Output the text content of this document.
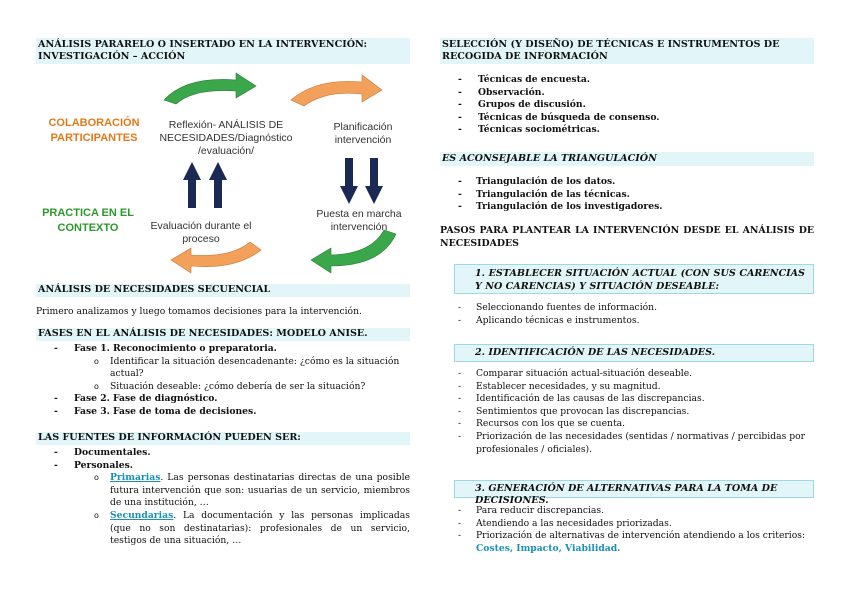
ANÁLISIS PARARELO O INSERTADO EN LA INTERVENCIÓN: INVESTIGACIÓN – ACCIÓN
ANÁLISIS DE NECESIDADES SECUENCIAL
Primero analizamos y luego tomamos decisiones para la intervención.
FASES EN EL ANÁLISIS DE NECESIDADES: MODELO ANISE.
- Fase 1. Reconocimiento o preparatoria.
o Identificar la situación desencadenante: ¿cómo es la situación actual?
o Situación deseable: ¿cómo debería de ser la situación?
- Fase 2. Fase de diagnóstico.
- Fase 3. Fase de toma de decisiones.
LAS FUENTES DE INFORMACIÓN PUEDEN SER:
- Documentales.
- Personales.
o Primarias. Las personas destinatarias directas de una posible futura intervención que son: usuarias de un servicio, miembros de una institución, …
o Secundarias. La documentación y las personas implicadas (que no son destinatarias): profesionales de un servicio, testigos de una situación, …
COLABORACIÓN PARTICIPANTES
PRACTICA EN EL CONTEXTO
Reflexión- ANÁLISIS DE NECESIDADES/Diagnóstico /evaluación/
Planificación intervención
Puesta en marcha intervención
Evaluación durante el proceso
SELECCIÓN (Y DISEÑO) DE TÉCNICAS E INSTRUMENTOS DE RECOGIDA DE INFORMACIÓN
- Técnicas de encuesta.
- Observación.
- Grupos de discusión.
- Técnicas de búsqueda de consenso.
- Técnicas sociométricas.
ES ACONSEJABLE LA TRIANGULACIÓN
- Triangulación de los datos.
- Triangulación de las técnicas.
- Triangulación de los investigadores.
PASOS PARA PLANTEAR LA INTERVENCIÓN DESDE EL ANÁLISIS DE NECESIDADES
1. ESTABLECER SITUACIÓN ACTUAL (CON SUS CARENCIAS Y NO CARENCIAS) Y SITUACIÓN DESEABLE:
- Seleccionando fuentes de información.
- Aplicando técnicas e instrumentos.
2. IDENTIFICACIÓN DE LAS NECESIDADES.
- Comparar situación actual-situación deseable.
- Establecer necesidades, y su magnitud.
- Identificación de las causas de las discrepancias.
- Sentimientos que provocan las discrepancias.
- Recursos con los que se cuenta.
- Priorización de las necesidades (sentidas / normativas / percibidas por profesionales / oficiales).
3. GENERACIÓN DE ALTERNATIVAS PARA LA TOMA DE DECISIONES.
- Para reducir discrepancias.
- Atendiendo a las necesidades priorizadas.
- Priorización de alternativas de intervención atendiendo a los criterios:
Costes, Impacto, Viabilidad.
